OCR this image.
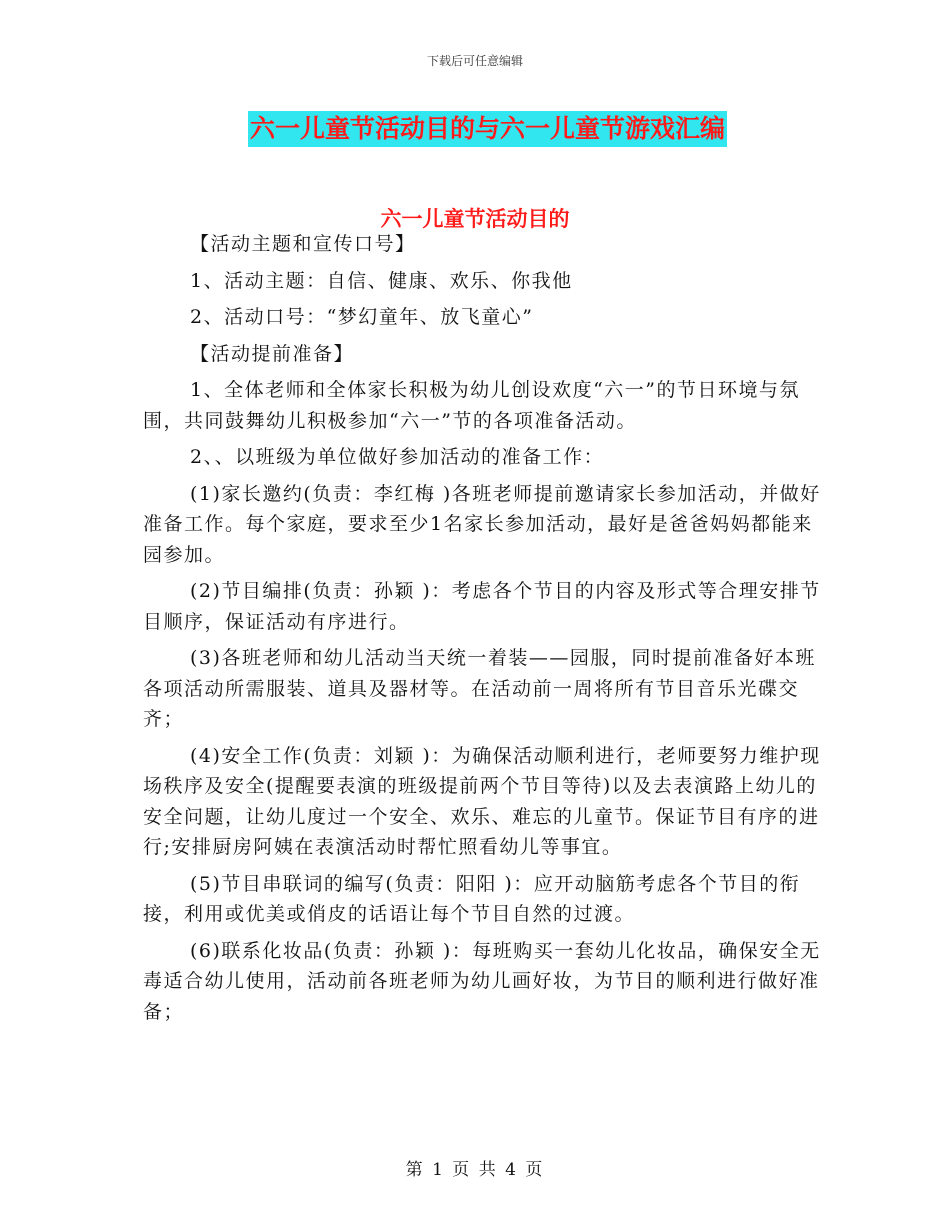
下载后可任意编辑
六一儿童节活动目的与六一儿童节游戏汇编
六一儿童节活动目的

【活动主题和宣传口号】

1、活动主题：自信、健康、欢乐、你我他

2、活动口号：“梦幻童年、放飞童心”

【活动提前准备】

1、全体老师和全体家长积极为幼儿创设欢度“六一”的节日环境与氛围，共同鼓舞幼儿积极参加“六一”节的各项准备活动。

2、、以班级为单位做好参加活动的准备工作：

(1)家长邀约(负责：李红梅 )各班老师提前邀请家长参加活动，并做好准备工作。每个家庭，要求至少1名家长参加活动，最好是爸爸妈妈都能来园参加。

(2)节目编排(负责：孙颖 )：考虑各个节目的内容及形式等合理安排节目顺序，保证活动有序进行。

(3)各班老师和幼儿活动当天统一着装——园服，同时提前准备好本班各项活动所需服装、道具及器材等。在活动前一周将所有节目音乐光碟交齐；

(4)安全工作(负责：刘颖 )：为确保活动顺利进行，老师要努力维护现场秩序及安全(提醒要表演的班级提前两个节目等待)以及去表演路上幼儿的安全问题，让幼儿度过一个安全、欢乐、难忘的儿童节。保证节目有序的进行;安排厨房阿姨在表演活动时帮忙照看幼儿等事宜。

(5)节目串联词的编写(负责：阳阳 )：应开动脑筋考虑各个节目的衔接，利用或优美或俏皮的话语让每个节目自然的过渡。

(6)联系化妆品(负责：孙颖 )：每班购买一套幼儿化妆品，确保安全无毒适合幼儿使用，活动前各班老师为幼儿画好妆，为节目的顺利进行做好准备；

第 1 页 共 4 页
